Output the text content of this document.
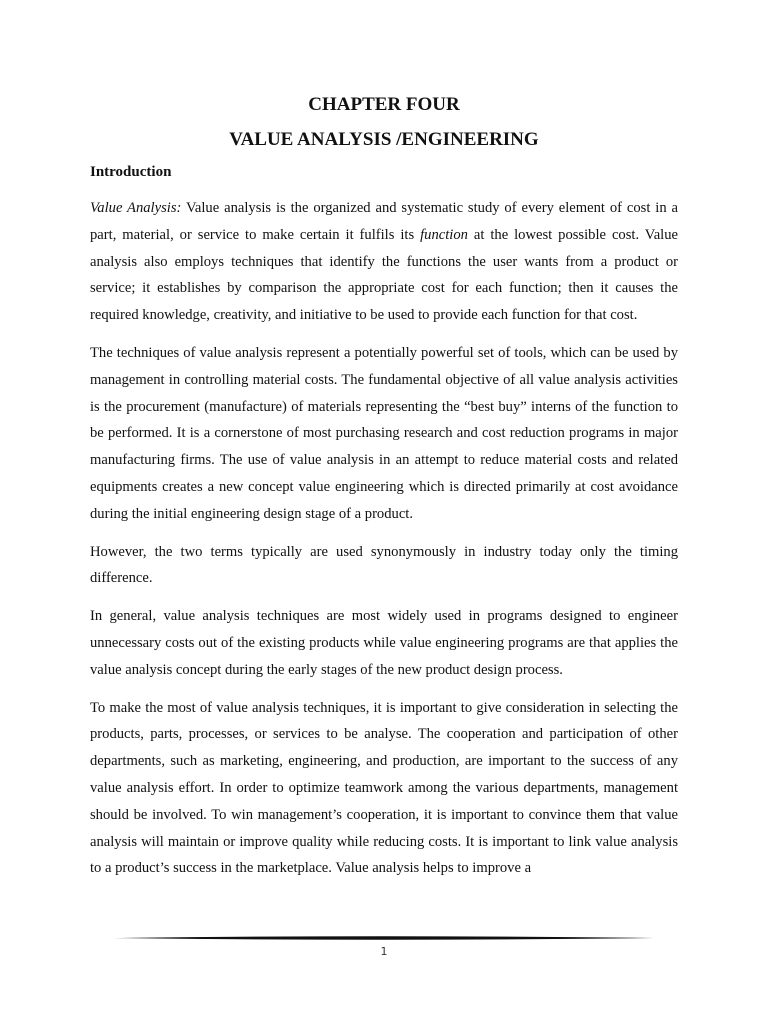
CHAPTER FOUR
VALUE ANALYSIS /ENGINEERING
Introduction

Value Analysis: Value analysis is the organized and systematic study of every element of cost in a part, material, or service to make certain it fulfils its function at the lowest possible cost. Value analysis also employs techniques that identify the functions the user wants from a product or service; it establishes by comparison the appropriate cost for each function; then it causes the required knowledge, creativity, and initiative to be used to provide each function for that cost.

The techniques of value analysis represent a potentially powerful set of tools, which can be used by management in controlling material costs. The fundamental objective of all value analysis activities is the procurement (manufacture) of materials representing the “best buy” interns of the function to be performed. It is a cornerstone of most purchasing research and cost reduction programs in major manufacturing firms. The use of value analysis in an attempt to reduce material costs and related equipments creates a new concept value engineering which is directed primarily at cost avoidance during the initial engineering design stage of a product.

However, the two terms typically are used synonymously in industry today only the timing difference.

In general, value analysis techniques are most widely used in programs designed to engineer unnecessary costs out of the existing products while value engineering programs are that applies the value analysis concept during the early stages of the new product design process.

To make the most of value analysis techniques, it is important to give consideration in selecting the products, parts, processes, or services to be analyse. The cooperation and participation of other departments, such as marketing, engineering, and production, are important to the success of any value analysis effort. In order to optimize teamwork among the various departments, management should be involved. To win management’s cooperation, it is important to convince them that value analysis will maintain or improve quality while reducing costs. It is important to link value analysis to a product’s success in the marketplace. Value analysis helps to improve a

1
